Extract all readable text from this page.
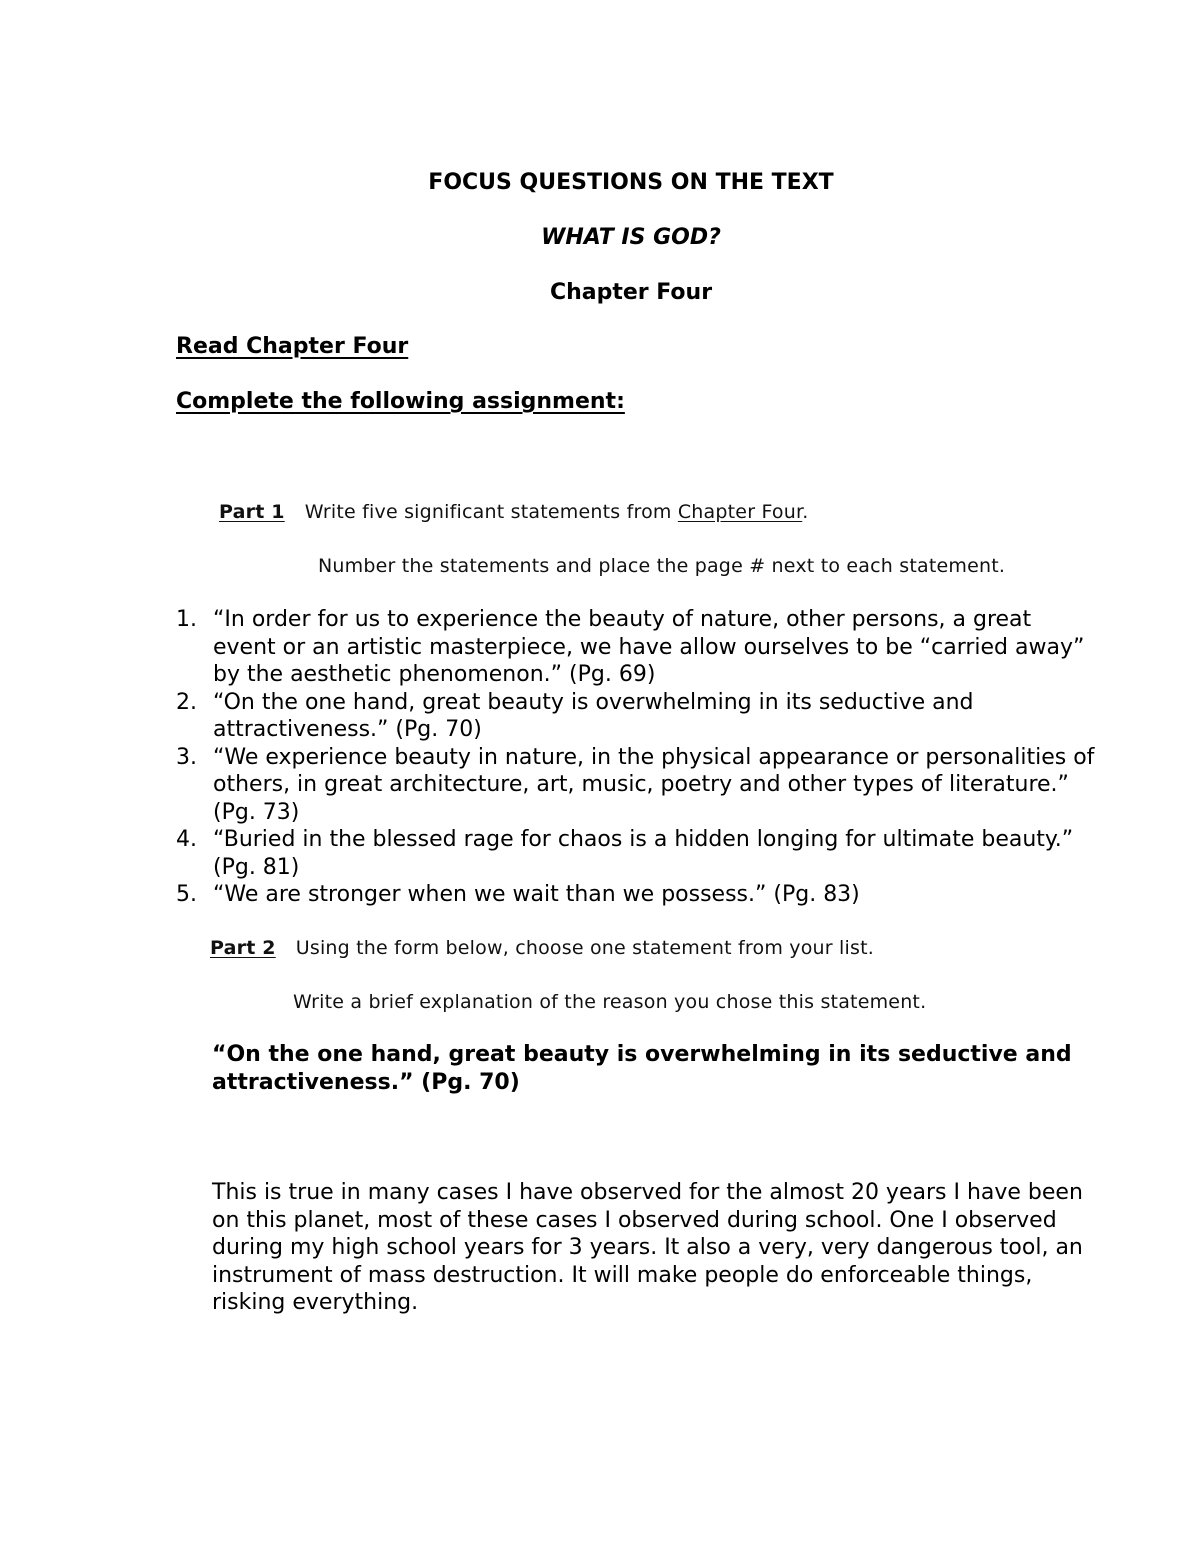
FOCUS QUESTIONS ON THE TEXT
WHAT IS GOD?
Chapter Four
Read Chapter Four
Complete the following assignment:
Part 1 Write five significant statements from Chapter Four.
Number the statements and place the page # next to each statement.
1. “In order for us to experience the beauty of nature, other persons, a great event or an artistic masterpiece, we have allow ourselves to be “carried away” by the aesthetic phenomenon.” (Pg. 69)
2. “On the one hand, great beauty is overwhelming in its seductive and attractiveness.” (Pg. 70)
3. “We experience beauty in nature, in the physical appearance or personalities of others, in great architecture, art, music, poetry and other types of literature.” (Pg. 73)
4. “Buried in the blessed rage for chaos is a hidden longing for ultimate beauty.” (Pg. 81)
5. “We are stronger when we wait than we possess.” (Pg. 83)
Part 2 Using the form below, choose one statement from your list.
Write a brief explanation of the reason you chose this statement.
“On the one hand, great beauty is overwhelming in its seductive and attractiveness.” (Pg. 70)
This is true in many cases I have observed for the almost 20 years I have been on this planet, most of these cases I observed during school. One I observed during my high school years for 3 years. It also a very, very dangerous tool, an instrument of mass destruction. It will make people do enforceable things, risking everything.
